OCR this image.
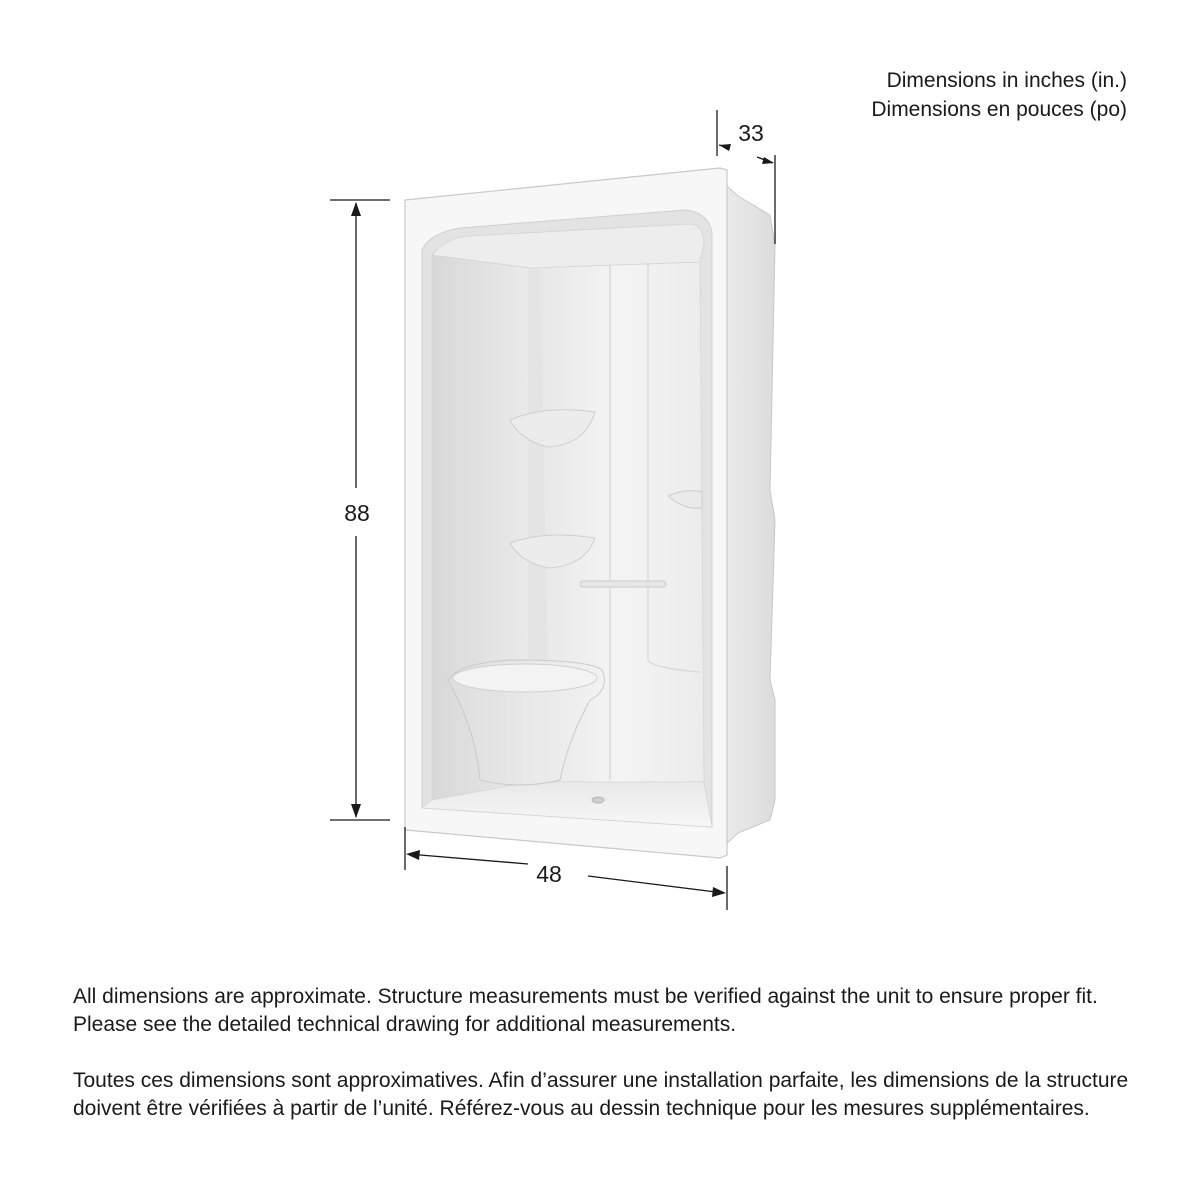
Dimensions in inches (in.)
Dimensions en pouces (po)
88
48
33

All dimensions are approximate. Structure measurements must be verified against the unit to ensure proper fit. Please see the detailed technical drawing for additional measurements.

Toutes ces dimensions sont approximatives. Afin d’assurer une installation parfaite, les dimensions de la structure doivent être vérifiées à partir de l’unité. Référez-vous au dessin technique pour les mesures supplémentaires.
